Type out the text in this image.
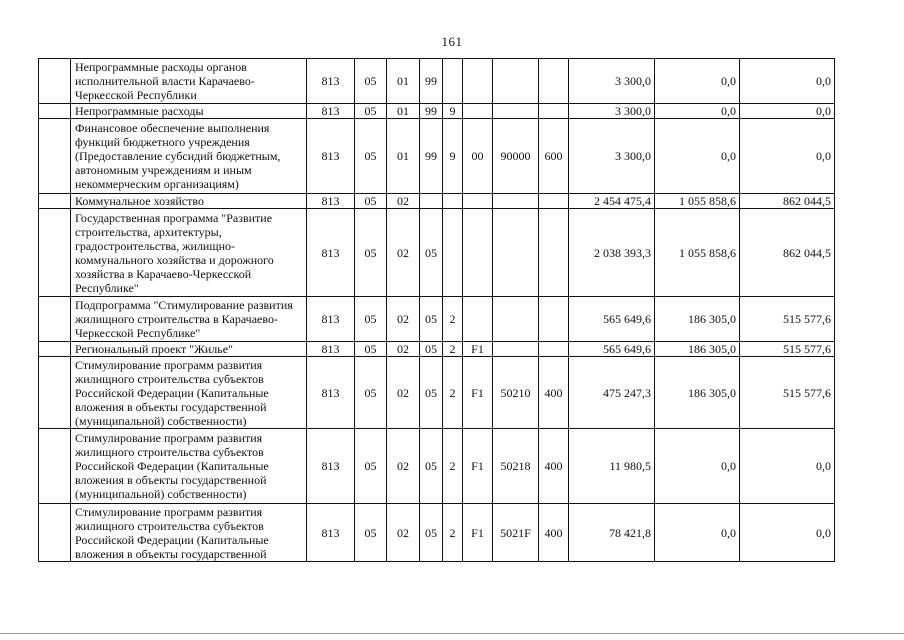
161
	Непрограммные расходы органов исполнительной власти Карачаево-Черкесской Республики	813	05	01	99					3 300,0	0,0	0,0
	Непрограммные расходы	813	05	01	99	9				3 300,0	0,0	0,0
	Финансовое обеспечение выполнения функций бюджетного учреждения (Предоставление субсидий бюджетным, автономным учреждениям и иным некоммерческим организациям)	813	05	01	99	9	00	90000	600	3 300,0	0,0	0,0
	Коммунальное хозяйство	813	05	02						2 454 475,4	1 055 858,6	862 044,5
	Государственная программа "Развитие строительства, архитектуры, градостроительства, жилищно-коммунального хозяйства и дорожного хозяйства в Карачаево-Черкесской Республике"	813	05	02	05					2 038 393,3	1 055 858,6	862 044,5
	Подпрограмма "Стимулирование развития жилищного строительства в Карачаево-Черкесской Республике"	813	05	02	05	2				565 649,6	186 305,0	515 577,6
	Региональный проект "Жилье"	813	05	02	05	2	F1			565 649,6	186 305,0	515 577,6
	Стимулирование программ развития жилищного строительства субъектов Российской Федерации (Капитальные вложения в объекты государственной (муниципальной) собственности)	813	05	02	05	2	F1	50210	400	475 247,3	186 305,0	515 577,6
	Стимулирование программ развития жилищного строительства субъектов Российской Федерации (Капитальные вложения в объекты государственной (муниципальной) собственности)	813	05	02	05	2	F1	50218	400	11 980,5	0,0	0,0
	Стимулирование программ развития жилищного строительства субъектов Российской Федерации (Капитальные вложения в объекты государственной	813	05	02	05	2	F1	5021F	400	78 421,8	0,0	0,0
